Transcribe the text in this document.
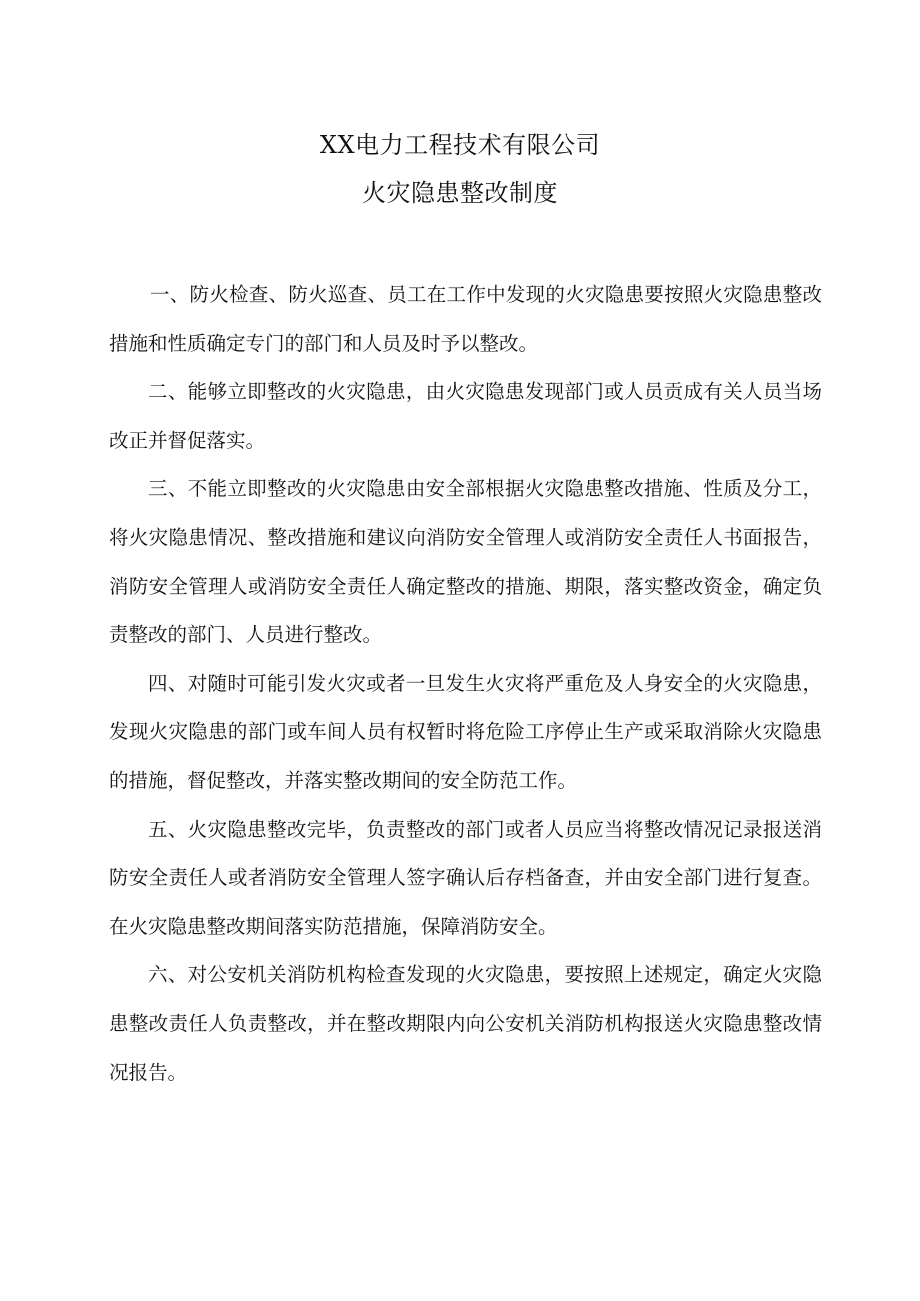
XX电力工程技术有限公司
火灾隐患整改制度

一、防火检查、防火巡查、员工在工作中发现的火灾隐患要按照火灾隐患整改措施和性质确定专门的部门和人员及时予以整改。

二、能够立即整改的火灾隐患，由火灾隐患发现部门或人员贡成有关人员当场改正并督促落实。

三、不能立即整改的火灾隐患由安全部根据火灾隐患整改措施、性质及分工，将火灾隐患情况、整改措施和建议向消防安全管理人或消防安全责任人书面报告，消防安全管理人或消防安全责任人确定整改的措施、期限，落实整改资金，确定负责整改的部门、人员进行整改。

四、对随时可能引发火灾或者一旦发生火灾将严重危及人身安全的火灾隐患，发现火灾隐患的部门或车间人员有权暂时将危险工序停止生产或采取消除火灾隐患的措施，督促整改，并落实整改期间的安全防范工作。

五、火灾隐患整改完毕，负责整改的部门或者人员应当将整改情况记录报送消防安全责任人或者消防安全管理人签字确认后存档备查，并由安全部门进行复查。在火灾隐患整改期间落实防范措施，保障消防安全。

六、对公安机关消防机构检查发现的火灾隐患，要按照上述规定，确定火灾隐患整改责任人负责整改，并在整改期限内向公安机关消防机构报送火灾隐患整改情况报告。
